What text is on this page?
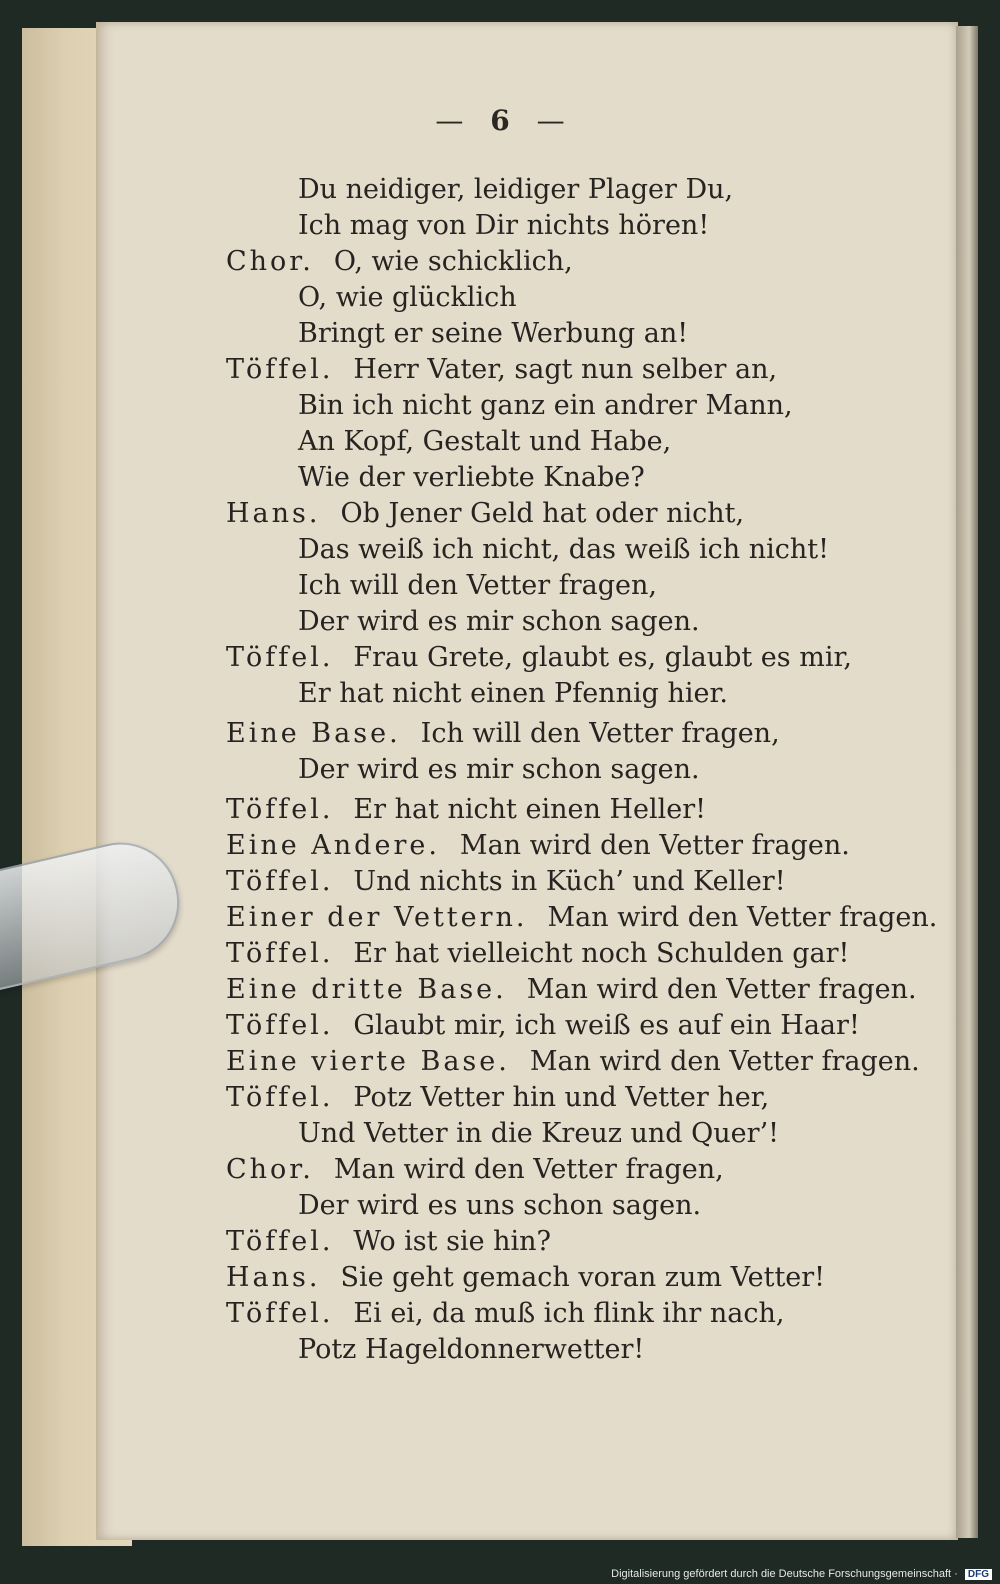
— 6 —
Du neidiger, leidiger Plager Du,
Ich mag von Dir nichts hören!
Chor. O, wie schicklich,
O, wie glücklich
Bringt er seine Werbung an!
Töffel. Herr Vater, sagt nun selber an,
Bin ich nicht ganz ein andrer Mann,
An Kopf, Gestalt und Habe,
Wie der verliebte Knabe?
Hans. Ob Jener Geld hat oder nicht,
Das weiß ich nicht, das weiß ich nicht!
Ich will den Vetter fragen,
Der wird es mir schon sagen.
Töffel. Frau Grete, glaubt es, glaubt es mir,
Er hat nicht einen Pfennig hier.
Eine Base. Ich will den Vetter fragen,
Der wird es mir schon sagen.
Töffel. Er hat nicht einen Heller!
Eine Andere. Man wird den Vetter fragen.
Töffel. Und nichts in Küch’ und Keller!
Einer der Vettern. Man wird den Vetter fragen.
Töffel. Er hat vielleicht noch Schulden gar!
Eine dritte Base. Man wird den Vetter fragen.
Töffel. Glaubt mir, ich weiß es auf ein Haar!
Eine vierte Base. Man wird den Vetter fragen.
Töffel. Potz Vetter hin und Vetter her,
Und Vetter in die Kreuz und Quer’!
Chor. Man wird den Vetter fragen,
Der wird es uns schon sagen.
Töffel. Wo ist sie hin?
Hans. Sie geht gemach voran zum Vetter!
Töffel. Ei ei, da muß ich flink ihr nach,
Potz Hageldonnerwetter!
Digitalisierung gefördert durch die Deutsche Forschungsgemeinschaft · DFG
